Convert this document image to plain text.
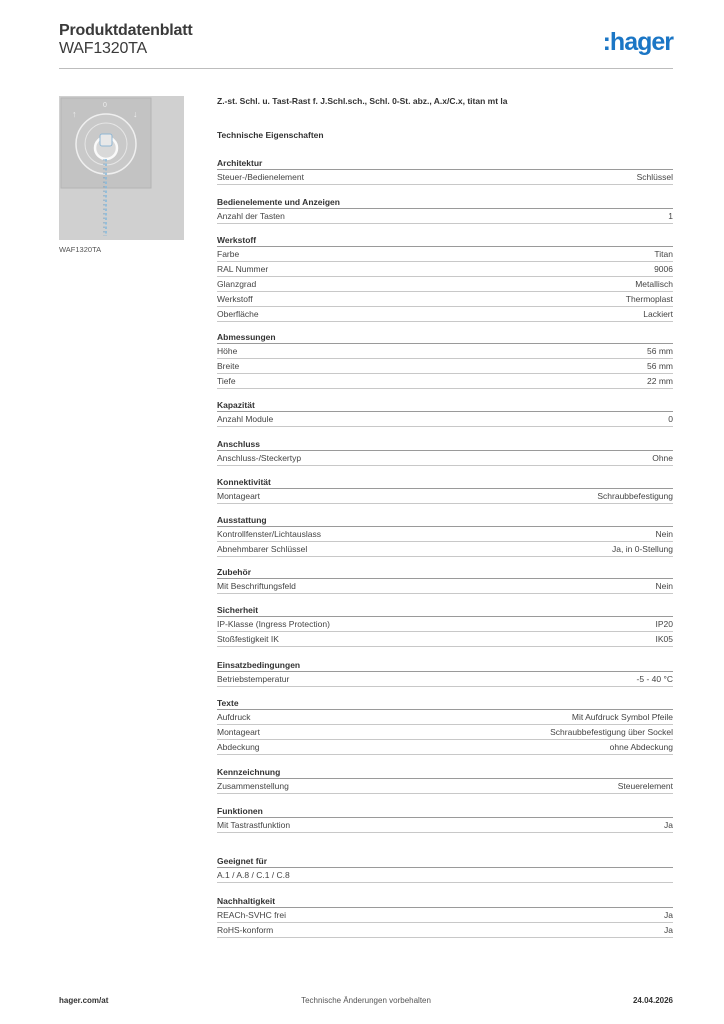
Produktdatenblatt
WAF1320TA	:hager
↑
0
↓
WAF1320TA
Z.-st. Schl. u. Tast-Rast f. J.Schl.sch., Schl. 0-St. abz., A.x/C.x, titan mt la
Technische Eigenschaften
Architektur
Steuer-/Bedienelement	Schlüssel
Bedienelemente und Anzeigen
Anzahl der Tasten	1
Werkstoff
Farbe	Titan
RAL Nummer	9006
Glanzgrad	Metallisch
Werkstoff	Thermoplast
Oberfläche	Lackiert
Abmessungen
Höhe	56 mm
Breite	56 mm
Tiefe	22 mm
Kapazität
Anzahl Module	0
Anschluss
Anschluss-/Steckertyp	Ohne
Konnektivität
Montageart	Schraubbefestigung
Ausstattung
Kontrollfenster/Lichtauslass	Nein
Abnehmbarer Schlüssel	Ja, in 0-Stellung
Zubehör
Mit Beschriftungsfeld	Nein
Sicherheit
IP-Klasse (Ingress Protection)	IP20
Stoßfestigkeit IK	IK05
Einsatzbedingungen
Betriebstemperatur	-5 - 40 °C
Texte
Aufdruck	Mit Aufdruck Symbol Pfeile
Montageart	Schraubbefestigung über Sockel
Abdeckung	ohne Abdeckung
Kennzeichnung
Zusammenstellung	Steuerelement
Funktionen
Mit Tastrastfunktion	Ja
Geeignet für
A.1 / A.8 / C.1 / C.8
Nachhaltigkeit
REACh-SVHC frei	Ja
RoHS-konform	Ja
Technische Änderungen vorbehalten
hager.com/at	24.04.2026
